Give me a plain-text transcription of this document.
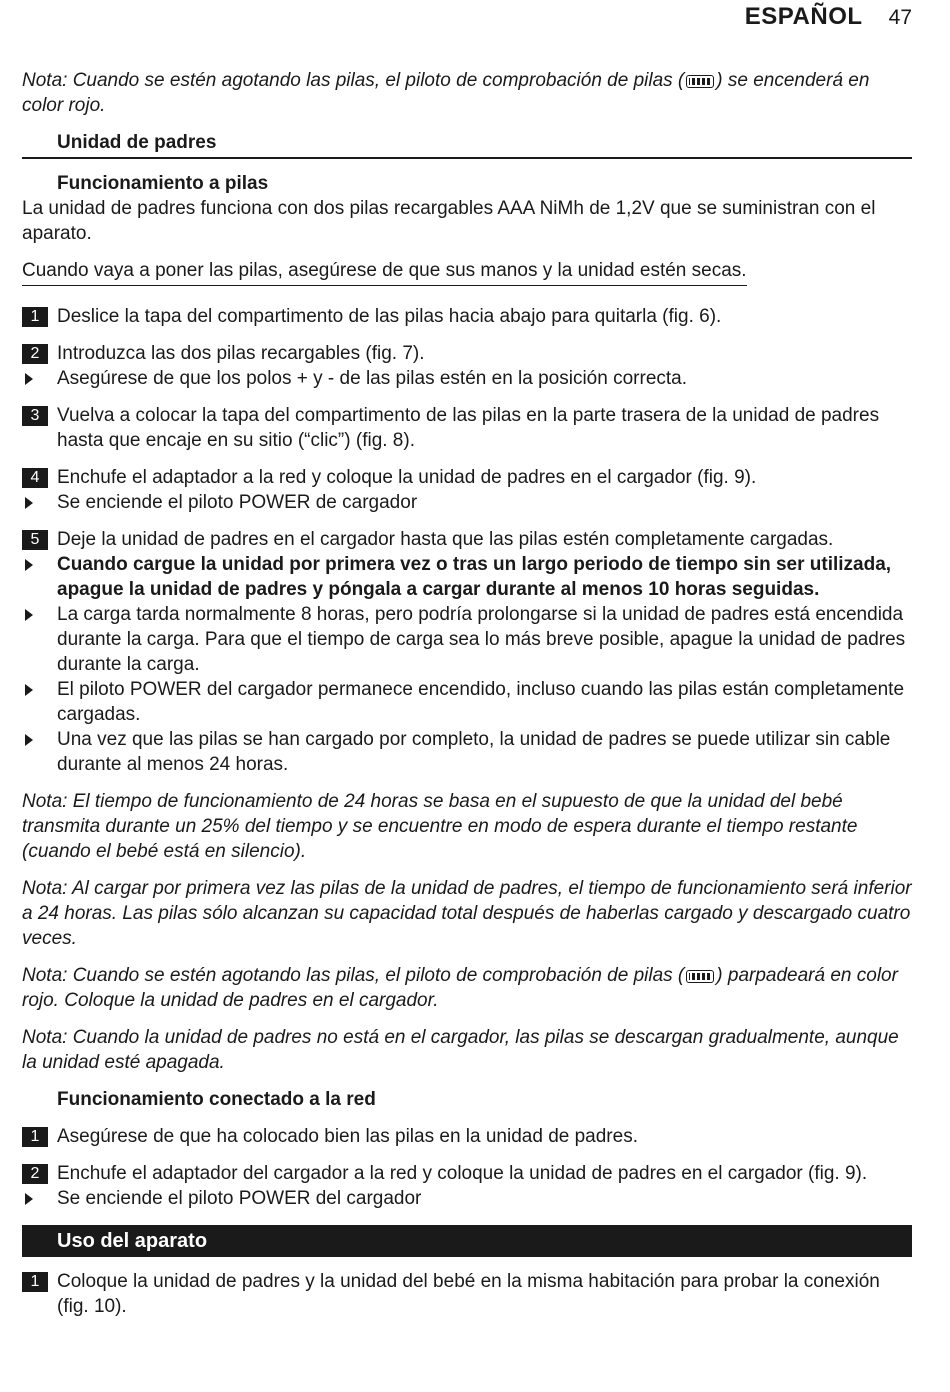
ESPAÑOL 47

Nota: Cuando se estén agotando las pilas, el piloto de comprobación de pilas ( ) se encenderá en color rojo.

Unidad de padres

Funcionamiento a pilas

La unidad de padres funciona con dos pilas recargables AAA NiMh de 1,2V que se suministran con el aparato.

Cuando vaya a poner las pilas, asegúrese de que sus manos y la unidad estén secas.

1 Deslice la tapa del compartimento de las pilas hacia abajo para quitarla (fig. 6).
2 Introduzca las dos pilas recargables (fig. 7).
Asegúrese de que los polos + y - de las pilas estén en la posición correcta.
3 Vuelva a colocar la tapa del compartimento de las pilas en la parte trasera de la unidad de padres hasta que encaje en su sitio (“clic”) (fig. 8).
4 Enchufe el adaptador a la red y coloque la unidad de padres en el cargador (fig. 9).
Se enciende el piloto POWER de cargador
5 Deje la unidad de padres en el cargador hasta que las pilas estén completamente cargadas.
Cuando cargue la unidad por primera vez o tras un largo periodo de tiempo sin ser utilizada, apague la unidad de padres y póngala a cargar durante al menos 10 horas seguidas.
La carga tarda normalmente 8 horas, pero podría prolongarse si la unidad de padres está encendida durante la carga. Para que el tiempo de carga sea lo más breve posible, apague la unidad de padres durante la carga.
El piloto POWER del cargador permanece encendido, incluso cuando las pilas están completamente cargadas.
Una vez que las pilas se han cargado por completo, la unidad de padres se puede utilizar sin cable durante al menos 24 horas.

Nota: El tiempo de funcionamiento de 24 horas se basa en el supuesto de que la unidad del bebé transmita durante un 25% del tiempo y se encuentre en modo de espera durante el tiempo restante (cuando el bebé está en silencio).

Nota: Al cargar por primera vez las pilas de la unidad de padres, el tiempo de funcionamiento será inferior a 24 horas. Las pilas sólo alcanzan su capacidad total después de haberlas cargado y descargado cuatro veces.

Nota: Cuando se estén agotando las pilas, el piloto de comprobación de pilas ( ) parpadeará en color rojo. Coloque la unidad de padres en el cargador.

Nota: Cuando la unidad de padres no está en el cargador, las pilas se descargan gradualmente, aunque la unidad esté apagada.

Funcionamiento conectado a la red

1 Asegúrese de que ha colocado bien las pilas en la unidad de padres.
2 Enchufe el adaptador del cargador a la red y coloque la unidad de padres en el cargador (fig. 9).
Se enciende el piloto POWER del cargador
Uso del aparato
1 Coloque la unidad de padres y la unidad del bebé en la misma habitación para probar la conexión (fig. 10).
